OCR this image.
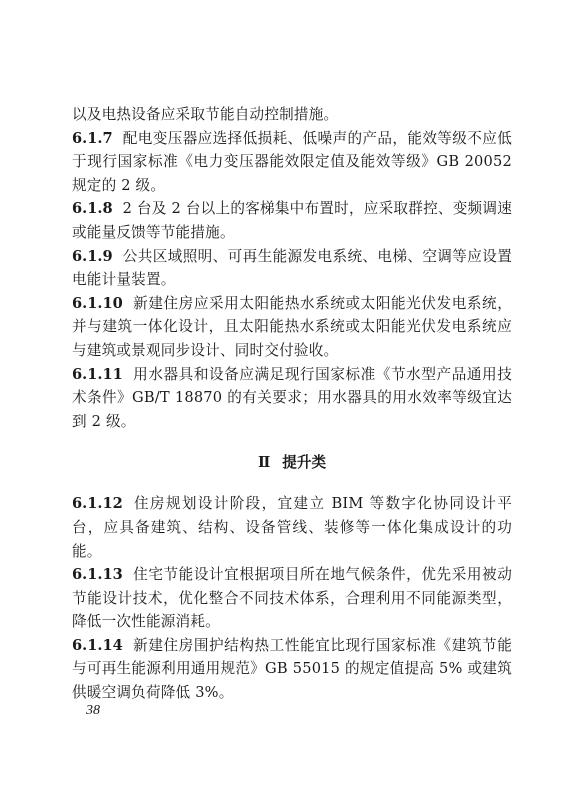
以及电热设备应采取节能自动控制措施。

6.1.7 配电变压器应选择低损耗、低噪声的产品，能效等级不应低于现行国家标准《电力变压器能效限定值及能效等级》GB 20052 规定的 2 级。

6.1.8 2 台及 2 台以上的客梯集中布置时，应采取群控、变频调速或能量反馈等节能措施。

6.1.9 公共区域照明、可再生能源发电系统、电梯、空调等应设置电能计量装置。

6.1.10 新建住房应采用太阳能热水系统或太阳能光伏发电系统，并与建筑一体化设计，且太阳能热水系统或太阳能光伏发电系统应与建筑或景观同步设计、同时交付验收。

6.1.11 用水器具和设备应满足现行国家标准《节水型产品通用技术条件》GB/T 18870 的有关要求；用水器具的用水效率等级宜达到 2 级。

Ⅱ 提升类

6.1.12 住房规划设计阶段，宜建立 BIM 等数字化协同设计平台，应具备建筑、结构、设备管线、装修等一体化集成设计的功能。

6.1.13 住宅节能设计宜根据项目所在地气候条件，优先采用被动节能设计技术，优化整合不同技术体系，合理利用不同能源类型，降低一次性能源消耗。

6.1.14 新建住房围护结构热工性能宜比现行国家标准《建筑节能与可再生能源利用通用规范》GB 55015 的规定值提高 5% 或建筑供暖空调负荷降低 3%。

38
